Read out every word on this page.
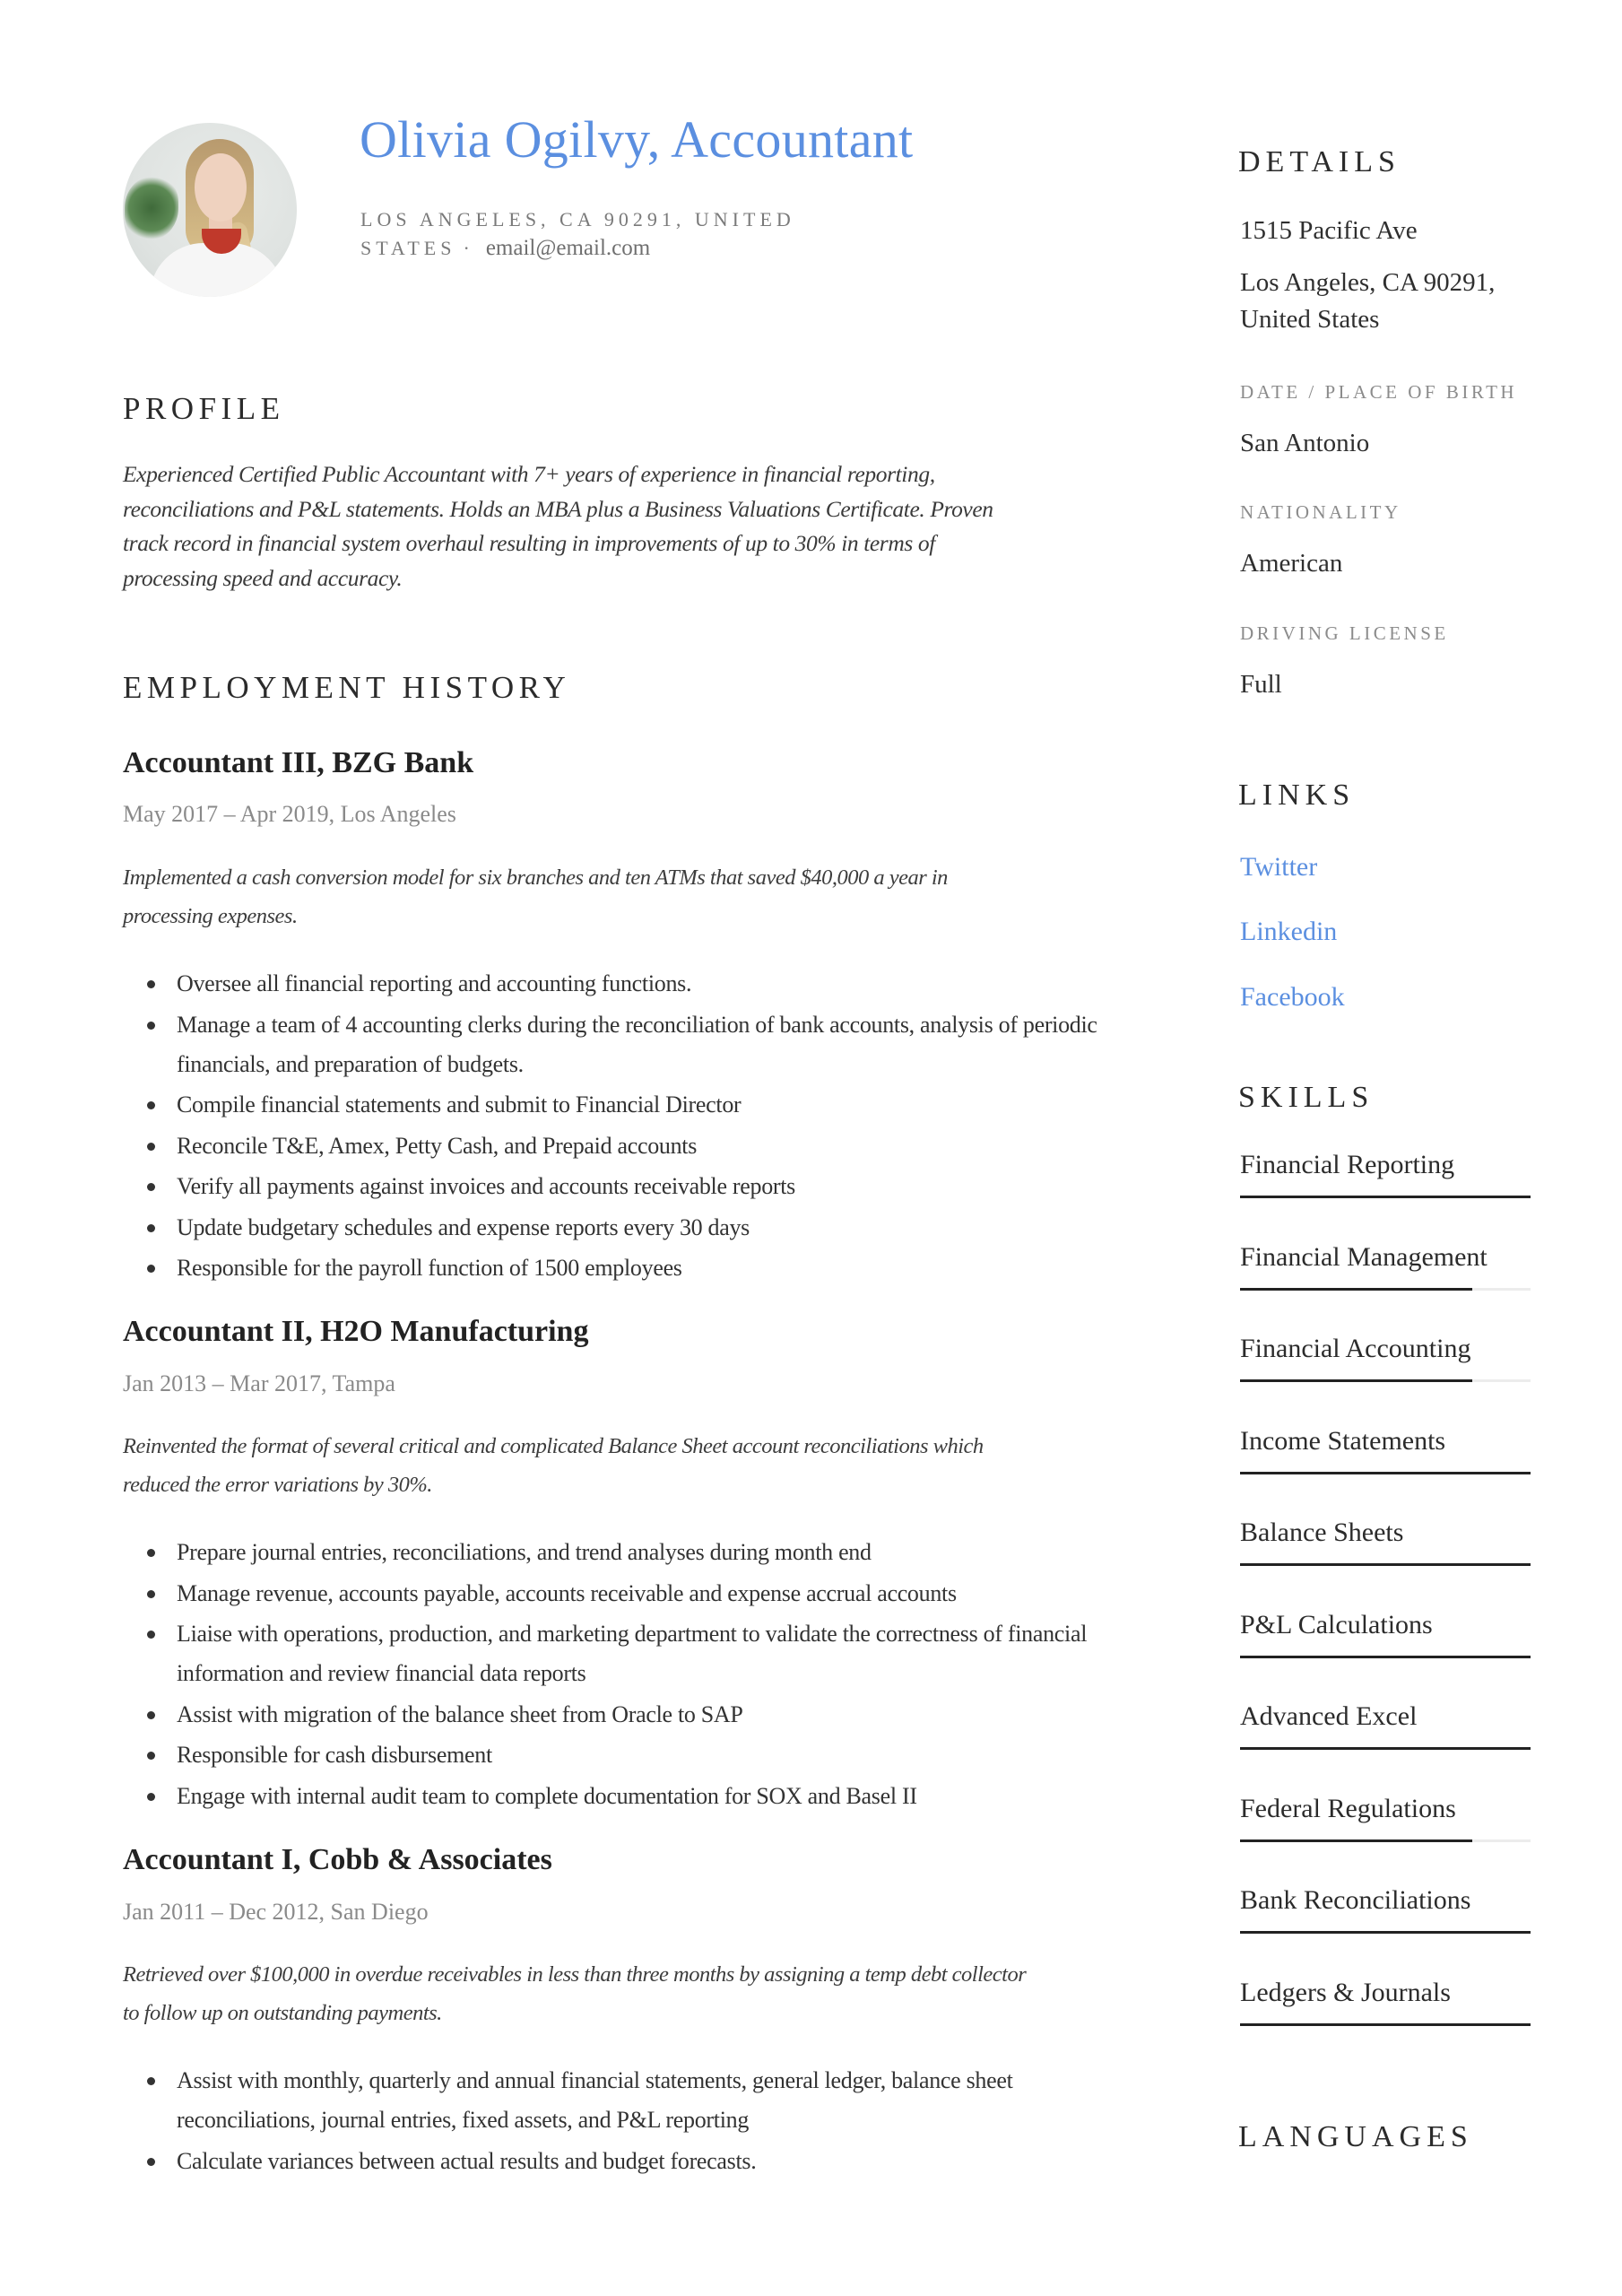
Olivia Ogilvy, Accountant
LOS ANGELES, CA 90291, UNITED
STATES · email@email.com
PROFILE
Experienced Certified Public Accountant with 7+ years of experience in financial reporting,
reconciliations and P&L statements. Holds an MBA plus a Business Valuations Certificate. Proven
track record in financial system overhaul resulting in improvements of up to 30% in terms of
processing speed and accuracy.
EMPLOYMENT HISTORY
Accountant III, BZG Bank
May 2017 – Apr 2019, Los Angeles
Implemented a cash conversion model for six branches and ten ATMs that saved $40,000 a year in
processing expenses.
Oversee all financial reporting and accounting functions.
Manage a team of 4 accounting clerks during the reconciliation of bank accounts, analysis of periodic financials, and preparation of budgets.
Compile financial statements and submit to Financial Director
Reconcile T&E, Amex, Petty Cash, and Prepaid accounts
Verify all payments against invoices and accounts receivable reports
Update budgetary schedules and expense reports every 30 days
Responsible for the payroll function of 1500 employees
Accountant II, H2O Manufacturing
Jan 2013 – Mar 2017, Tampa
Reinvented the format of several critical and complicated Balance Sheet account reconciliations which
reduced the error variations by 30%.
Prepare journal entries, reconciliations, and trend analyses during month end
Manage revenue, accounts payable, accounts receivable and expense accrual accounts
Liaise with operations, production, and marketing department to validate the correctness of financial information and review financial data reports
Assist with migration of the balance sheet from Oracle to SAP
Responsible for cash disbursement
Engage with internal audit team to complete documentation for SOX and Basel II
Accountant I, Cobb & Associates
Jan 2011 – Dec 2012, San Diego
Retrieved over $100,000 in overdue receivables in less than three months by assigning a temp debt collector
to follow up on outstanding payments.
Assist with monthly, quarterly and annual financial statements, general ledger, balance sheet reconciliations, journal entries, fixed assets, and P&L reporting
Calculate variances between actual results and budget forecasts.
DETAILS
1515 Pacific Ave
Los Angeles, CA 90291,
United States
DATE / PLACE OF BIRTH
San Antonio
NATIONALITY
American
DRIVING LICENSE
Full
LINKS
Twitter
Linkedin
Facebook
SKILLS
Financial Reporting
Financial Management
Financial Accounting
Income Statements
Balance Sheets
P&L Calculations
Advanced Excel
Federal Regulations
Bank Reconciliations
Ledgers & Journals
LANGUAGES
